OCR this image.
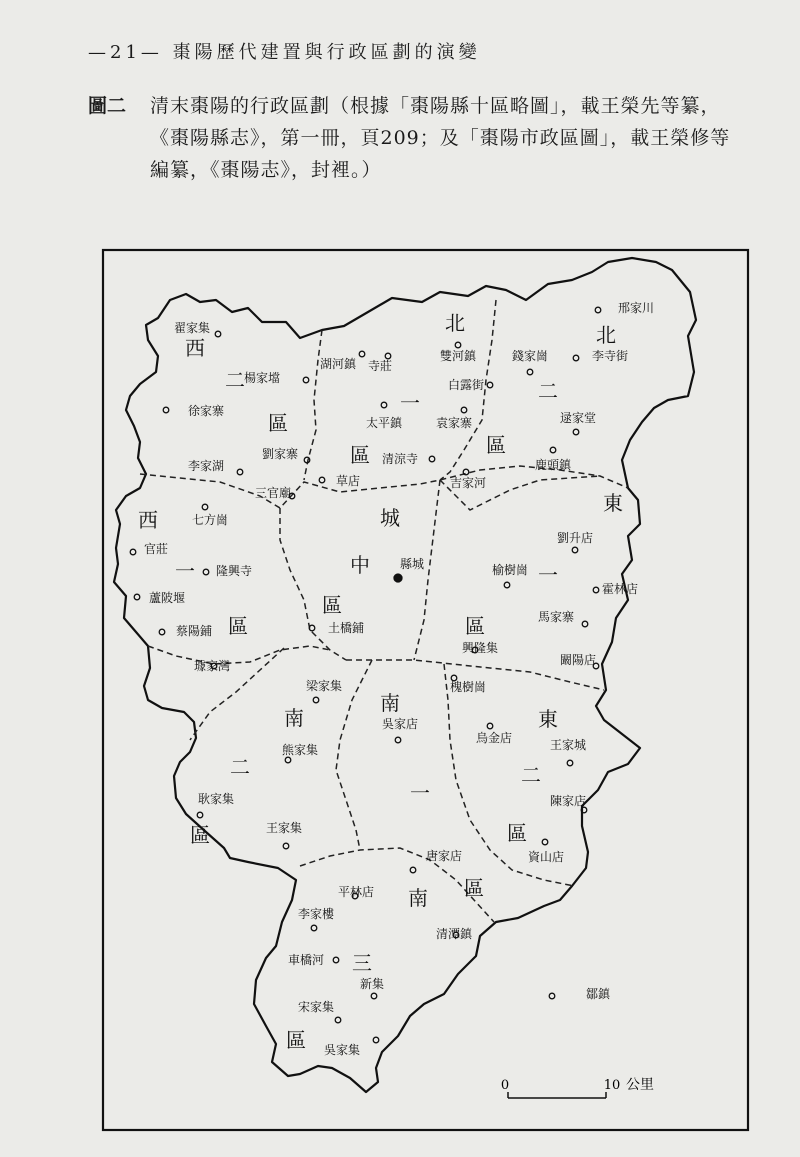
—21— 棗陽歷代建置與行政區劃的演變
圖二 清末棗陽的行政區劃（根據「棗陽縣十區略圖」，載王榮先等纂，《棗陽縣志》，第一冊，頁209；及「棗陽市政區圖」，載王榮修等編纂，《棗陽志》，封裡。）
西
二
區
北
一
區
北
二
區
西
一
區
城
中
區
東
一
區
南
二
區
南
一
區
東
二
區
南
三
區
翟家集
楊家壋
徐家寨
李家湖
劉家寨
三官廟
湖河鎮 寺莊
雙河鎮
白露街
太平鎮	袁家寨
清涼寺
草店
邢家川
錢家崗	李寺街
逯家堂
鹿頭鎮
吉家河
七方崗
官莊
隆興寺
蘆陂堰
蔡陽鋪
璩家灣
縣城
土橋鋪
劉升店
榆樹崗
霍林店
馬家寨
興隆集
闞陽店
槐樹崗
梁家集
吳家店
烏金店	王家城
熊家集
耿家集
王家集
陳家店
資山店
唐家店
平林店
李家樓
清潭鎮
車橋河
新集
宋家集
吳家集
鄒鎮
0	10 公里
